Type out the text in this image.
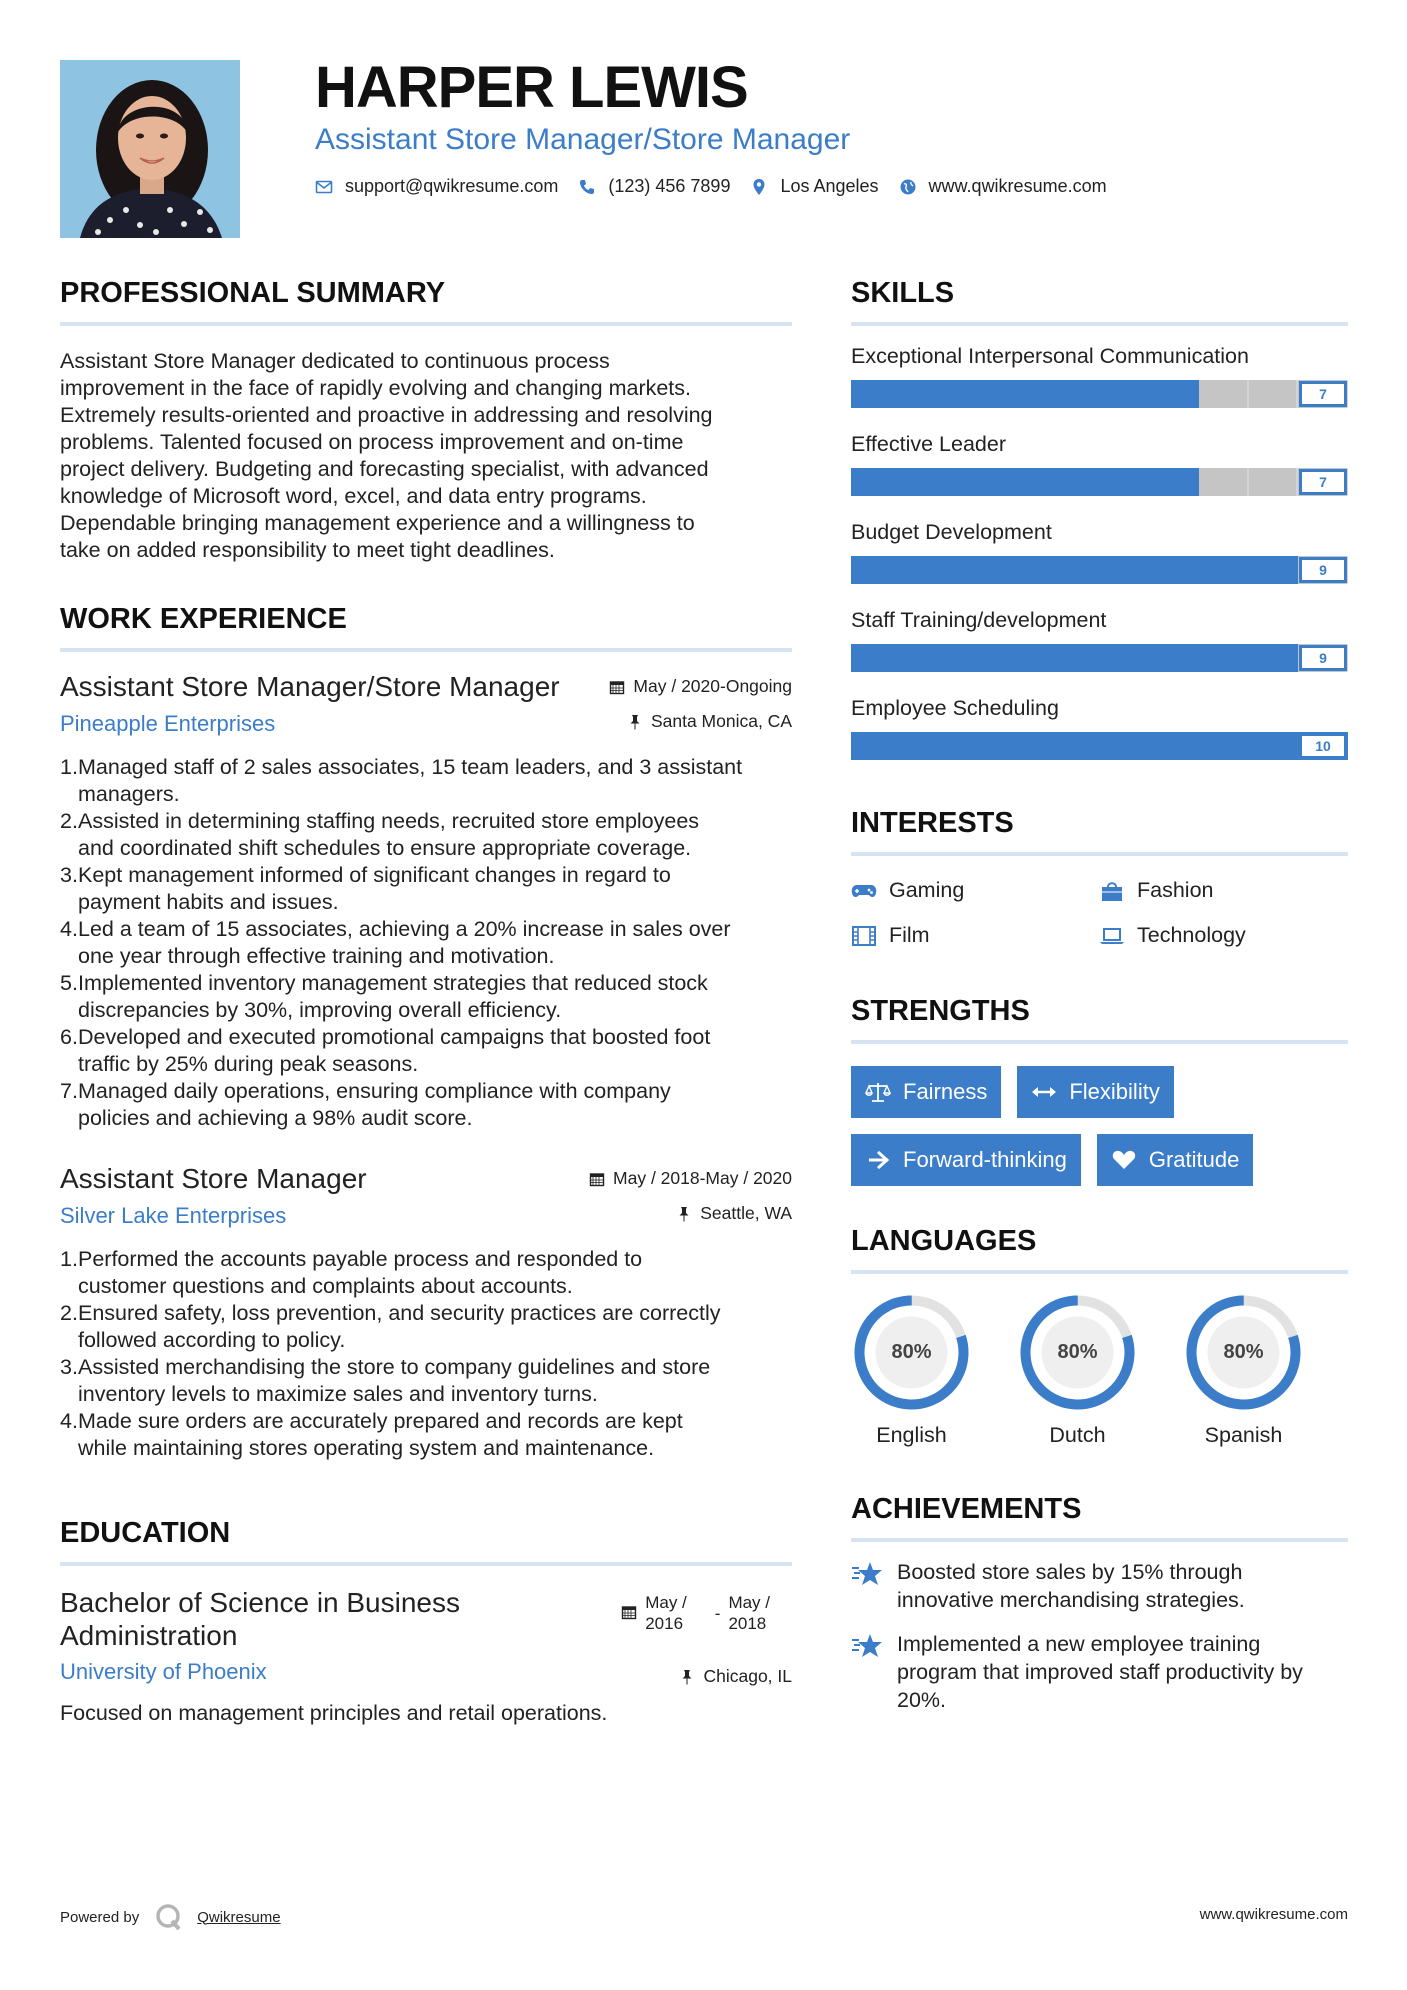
HARPER LEWIS
Assistant Store Manager/Store Manager
support@qwikresume.com	(123) 456 7899	Los Angeles	www.qwikresume.com
PROFESSIONAL SUMMARY
Assistant Store Manager dedicated to continuous process
improvement in the face of rapidly evolving and changing markets.
Extremely results-oriented and proactive in addressing and resolving
problems. Talented focused on process improvement and on-time
project delivery. Budgeting and forecasting specialist, with advanced
knowledge of Microsoft word, excel, and data entry programs.
Dependable bringing management experience and a willingness to
take on added responsibility to meet tight deadlines.
WORK EXPERIENCE
May / 2020-Ongoing
Santa Monica, CA
Assistant Store Manager/Store Manager
Pineapple Enterprises
1.
Managed staff of 2 sales associates, 15 team leaders, and 3 assistant
managers.
2.
Assisted in determining staffing needs, recruited store employees
and coordinated shift schedules to ensure appropriate coverage.
3.
Kept management informed of significant changes in regard to
payment habits and issues.
4.
Led a team of 15 associates, achieving a 20% increase in sales over
one year through effective training and motivation.
5.
Implemented inventory management strategies that reduced stock
discrepancies by 30%, improving overall efficiency.
6.
Developed and executed promotional campaigns that boosted foot
traffic by 25% during peak seasons.
7.
Managed daily operations, ensuring compliance with company
policies and achieving a 98% audit score.
May / 2018-May / 2020
Seattle, WA
Assistant Store Manager
Silver Lake Enterprises
1.
Performed the accounts payable process and responded to
customer questions and complaints about accounts.
2.
Ensured safety, loss prevention, and security practices are correctly
followed according to policy.
3.
Assisted merchandising the store to company guidelines and store
inventory levels to maximize sales and inventory turns.
4.
Made sure orders are accurately prepared and records are kept
while maintaining stores operating system and maintenance.
EDUCATION
May /
2016
-
May /
2018
Bachelor of Science in Business
Administration
University of Phoenix	Chicago, IL
Focused on management principles and retail operations.
SKILLS
Exceptional Interpersonal Communication
7
Effective Leader
7
Budget Development
9
Staff Training/development
9
Employee Scheduling
10
INTERESTS
Gaming	Fashion
Film	Technology
STRENGTHS
Fairness	Flexibility
Forward-thinking	Gratitude
LANGUAGES
80%
English
80%
Dutch
80%
Spanish
ACHIEVEMENTS
Boosted store sales by 15% through
innovative merchandising strategies.
Implemented a new employee training
program that improved staff productivity by
20%.
Powered by	Qwikresume	www.qwikresume.com
